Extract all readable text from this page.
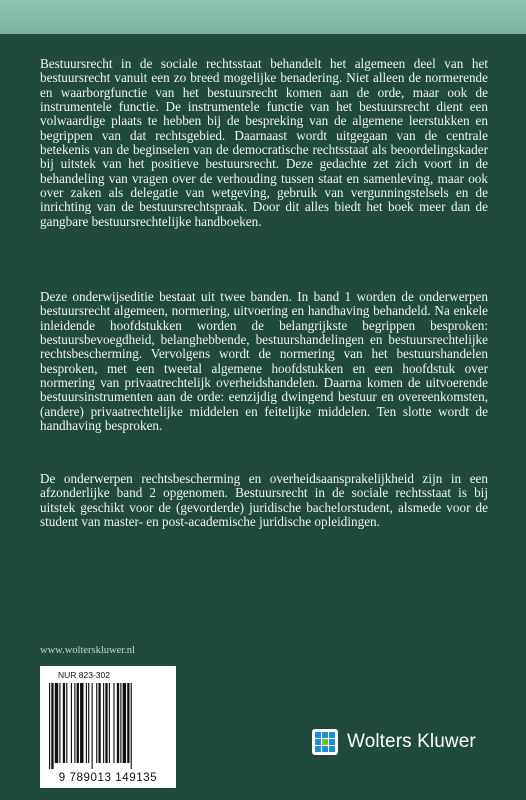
Bestuursrecht in de sociale rechtsstaat behandelt het algemeen deel van het bestuursrecht vanuit een zo breed mogelijke benadering. Niet alleen de normerende en waarborgfunctie van het bestuursrecht komen aan de orde, maar ook de instrumentele functie. De instrumentele functie van het bestuursrecht dient een volwaardige plaats te hebben bij de bespreking van de algemene leerstukken en begrippen van dat rechtsgebied. Daarnaast wordt uitgegaan van de centrale betekenis van de beginselen van de democratische rechtsstaat als beoordelingskader bij uitstek van het positieve bestuursrecht. Deze gedachte zet zich voort in de behandeling van vragen over de verhouding tussen staat en samenleving, maar ook over zaken als delegatie van wetgeving, gebruik van vergunningstelsels en de inrichting van de bestuursrechtspraak. Door dit alles biedt het boek meer dan de gangbare bestuursrechtelijke handboeken.

Deze onderwijseditie bestaat uit twee banden. In band 1 worden de onderwerpen bestuursrecht algemeen, normering, uitvoering en handhaving behandeld. Na enkele inleidende hoofdstukken worden de belangrijkste begrippen besproken: bestuursbevoegdheid, belanghebbende, bestuurshandelingen en bestuursrechtelijke rechtsbescherming. Vervolgens wordt de normering van het bestuurshandelen besproken, met een tweetal algemene hoofdstukken en een hoofdstuk over normering van privaatrechtelijk overheidshandelen. Daarna komen de uitvoerende bestuursinstrumenten aan de orde: eenzijdig dwingend bestuur en overeenkomsten, (andere) privaatrechtelijke middelen en feitelijke middelen. Ten slotte wordt de handhaving besproken.

De onderwerpen rechtsbescherming en overheidsaansprakelijkheid zijn in een afzonderlijke band 2 opgenomen. Bestuursrecht in de sociale rechtsstaat is bij uitstek geschikt voor de (gevorderde) juridische bachelorstudent, alsmede voor de student van master- en post-academische juridische opleidingen.

www.wolterskluwer.nl
NUR 823-302
9 789013 149135
Wolters Kluwer
